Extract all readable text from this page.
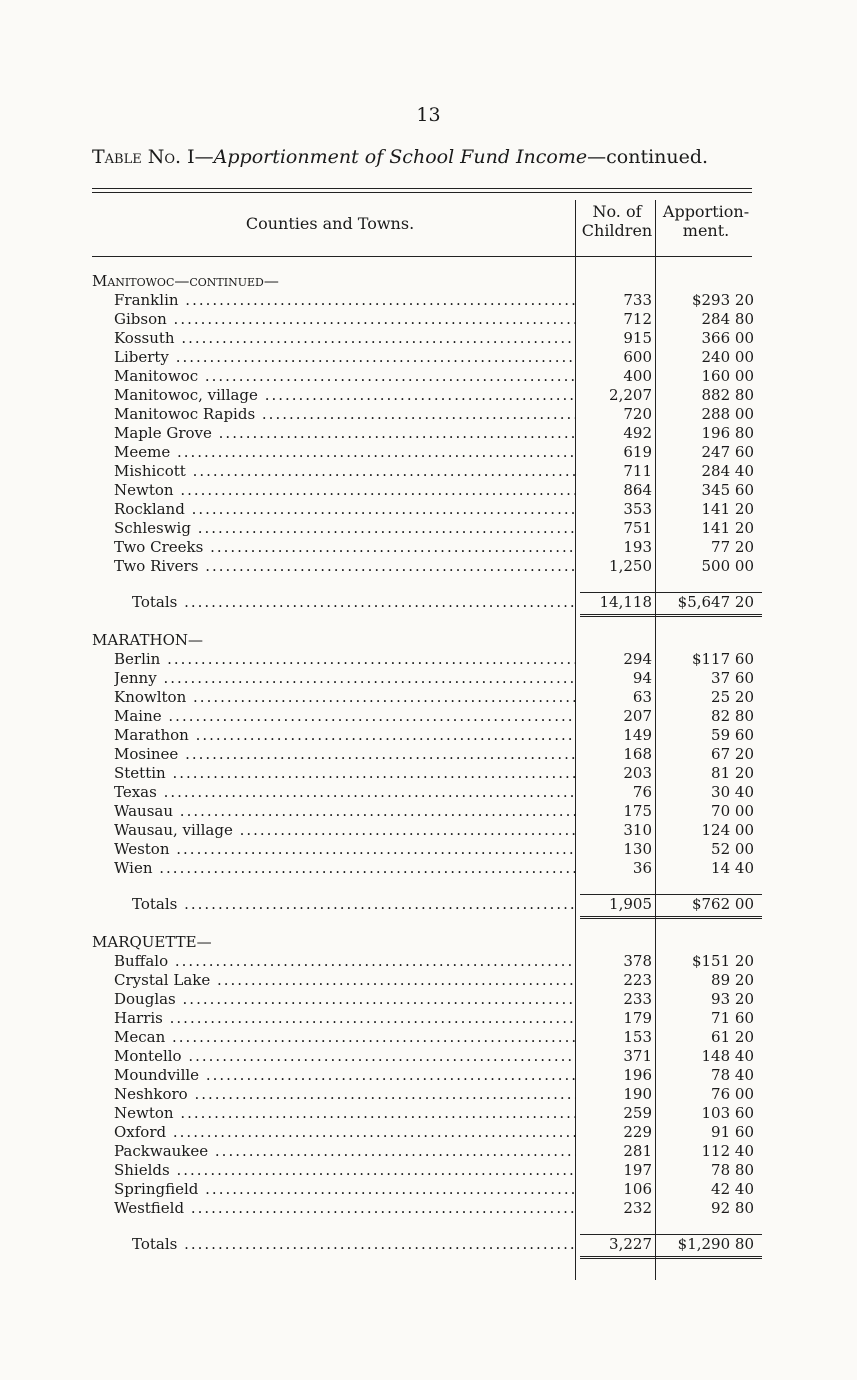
13
Table No. I—Apportionment of School Fund Income—continued.
Counties and Towns.
No. of
Children
Apportion-
ment.
Manitowoc—continued—
Franklin .....	733	$293 20
Gibson .....	712	284 80
Kossuth .....	915	366 00
Liberty .....	600	240 00
Manitowoc .....	400	160 00
Manitowoc, village .....	2,207	882 80
Manitowoc Rapids .....	720	288 00
Maple Grove .....	492	196 80
Meeme .....	619	247 60
Mishicott .....	711	284 40
Newton .....	864	345 60
Rockland .....	353	141 20
Schleswig .....	751	141 20
Two Creeks .....	193	77 20
Two Rivers .....	1,250	500 00
Totals .....	14,118	$5,647 20
MARATHON—
Berlin .....	294	$117 60
Jenny .....	94	37 60
Knowlton .....	63	25 20
Maine .....	207	82 80
Marathon .....	149	59 60
Mosinee .....	168	67 20
Stettin .....	203	81 20
Texas .....	76	30 40
Wausau .....	175	70 00
Wausau, village .....	310	124 00
Weston .....	130	52 00
Wien .....	36	14 40
Totals .....	1,905	$762 00
MARQUETTE—
Buffalo .....	378	$151 20
Crystal Lake .....	223	89 20
Douglas .....	233	93 20
Harris .....	179	71 60
Mecan .....	153	61 20
Montello .....	371	148 40
Moundville .....	196	78 40
Neshkoro .....	190	76 00
Newton .....	259	103 60
Oxford .....	229	91 60
Packwaukee .....	281	112 40
Shields .....	197	78 80
Springfield .....	106	42 40
Westfield .....	232	92 80
Totals .....	3,227	$1,290 80
